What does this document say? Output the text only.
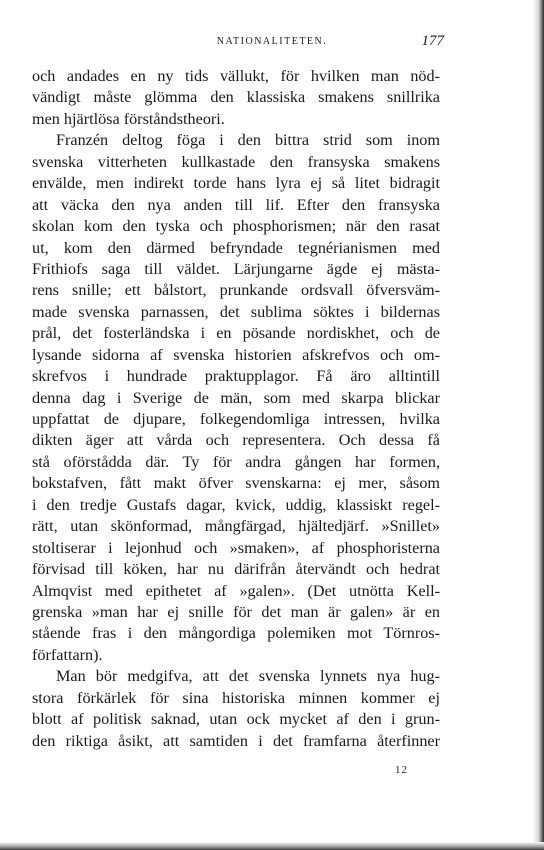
NATIONALITETEN.	177
och andades en ny tids vällukt, för hvilken man nöd-
vändigt måste glömma den klassiska smakens snillrika
men hjärtlösa förståndstheori.
Franzén deltog föga i den bittra strid som inom
svenska vitterheten kullkastade den fransyska smakens
envälde, men indirekt torde hans lyra ej så litet bidragit
att väcka den nya anden till lif. Efter den fransyska
skolan kom den tyska och phosphorismen; när den rasat
ut, kom den därmed befryndade tegnérianismen med
Frithiofs saga till väldet. Lärjungarne ägde ej mästa-
rens snille; ett bålstort, prunkande ordsvall öfversväm-
made svenska parnassen, det sublima söktes i bildernas
prål, det fosterländska i en pösande nordiskhet, och de
lysande sidorna af svenska historien afskrefvos och om-
skrefvos i hundrade praktupplagor. Få äro alltintill
denna dag i Sverige de män, som med skarpa blickar
uppfattat de djupare, folkegendomliga intressen, hvilka
dikten äger att vårda och representera. Och dessa få
stå oförstådda där. Ty för andra gången har formen,
bokstafven, fått makt öfver svenskarna: ej mer, såsom
i den tredje Gustafs dagar, kvick, uddig, klassiskt regel-
rätt, utan skönformad, mångfärgad, hjältedjärf. »Snillet»
stoltiserar i lejonhud och »smaken», af phosphoristerna
förvisad till köken, har nu därifrån återvändt och hedrat
Almqvist med epithetet af »galen». (Det utnötta Kell-
grenska »man har ej snille för det man är galen» är en
stående fras i den mångordiga polemiken mot Törnros-
författarn).
Man bör medgifva, att det svenska lynnets nya hug-
stora förkärlek för sina historiska minnen kommer ej
blott af politisk saknad, utan ock mycket af den i grun-
den riktiga åsikt, att samtiden i det framfarna återfinner
12
